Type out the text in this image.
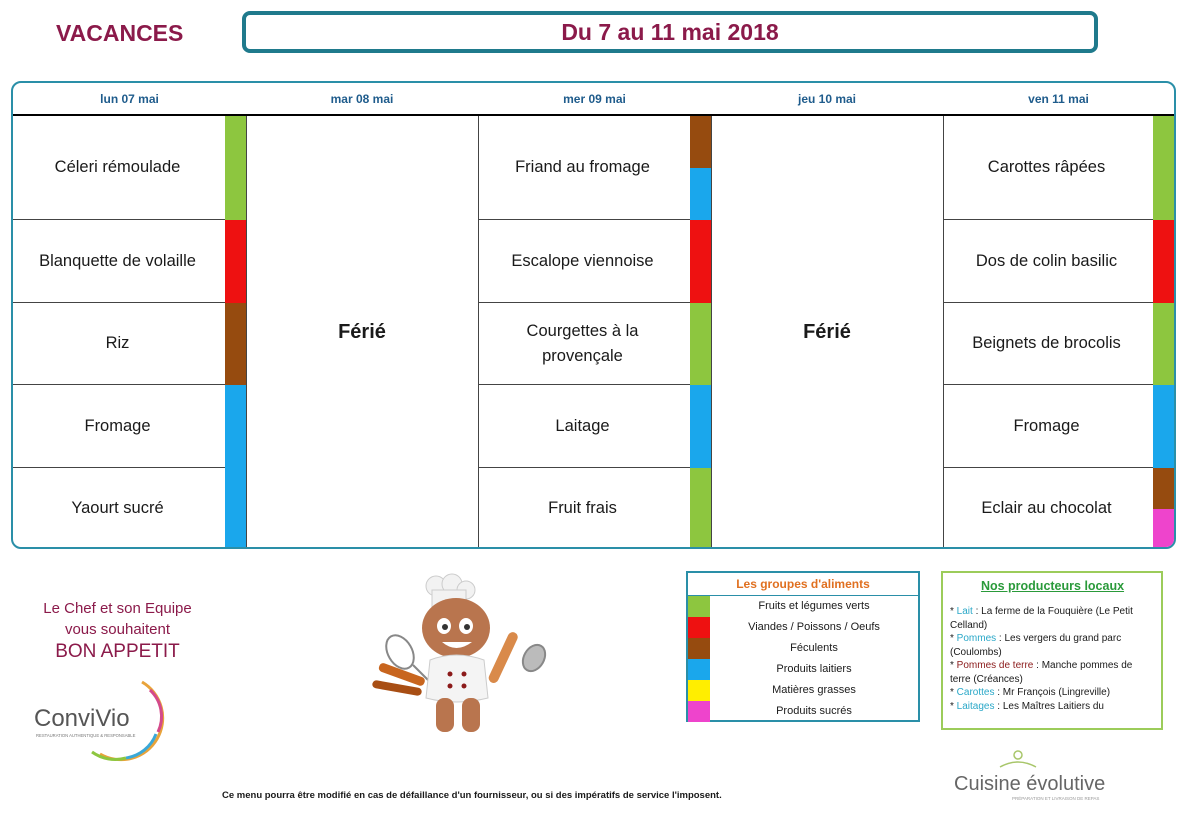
VACANCES	Du 7 au 11 mai 2018
lun 07 mai
Céleri rémoulade
Blanquette de volaille
Riz
Fromage
Yaourt sucré
mar 08 mai
Férié
mer 09 mai
Friand au fromage
Escalope viennoise
Courgettes à la provençale
Laitage
Fruit frais
jeu 10 mai
Férié
ven 11 mai
Carottes râpées
Dos de colin basilic
Beignets de brocolis
Fromage
Eclair au chocolat
Le Chef et son Equipe
vous souhaitent
BON APPETIT
ConviVio
RESTAURATION AUTHENTIQUE & RESPONSABLE
Les groupes d'aliments
Fruits et légumes verts
Viandes / Poissons / Oeufs
Féculents
Produits laitiers
Matières grasses
Produits sucrés
Nos producteurs locaux
* Lait : La ferme de la Fouquière (Le Petit Celland)
* Pommes : Les vergers du grand parc (Coulombs)
* Pommes de terre : Manche pommes de terre (Créances)
* Carottes : Mr François (Lingreville)
* Laitages : Les Maîtres Laitiers du
Ce menu pourra être modifié en cas de défaillance d'un fournisseur, ou si des impératifs de service l'imposent.
Cuisine évolutive
PRÉPARATION ET LIVRAISON DE REPAS
